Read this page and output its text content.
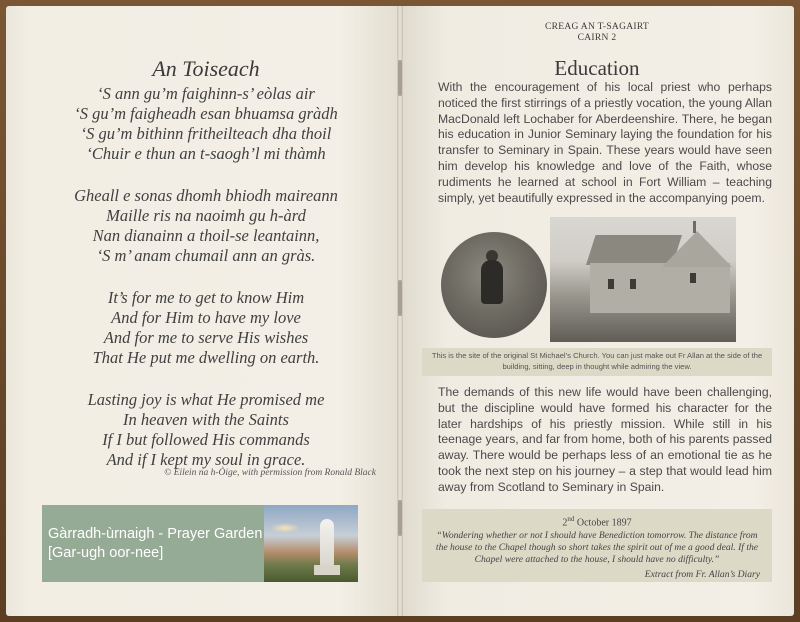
An Toiseach
‘S ann gu’m faighinn-s’ eòlas air
‘S gu’m faigheadh esan bhuamsa gràdh
‘S gu’m bithinn fritheilteach dha thoil
‘Chuir e thun an t-saogh’l mi thàmh
Gheall e sonas dhomh bhiodh maireann
Maille ris na naoimh gu h-àrd
Nan dianainn a thoil-se leantainn,
‘S m’ anam chumail ann an gràs.
It’s for me to get to know Him
And for Him to have my love
And for me to serve His wishes
That He put me dwelling on earth.
Lasting joy is what He promised me
In heaven with the Saints
If I but followed His commands
And if I kept my soul in grace.
© Eilein na h-Òige, with permission from Ronald Black
Gàrradh-ùrnaigh - Prayer Garden
[Gar-ugh oor-nee]
CREAG AN T-SAGAIRT
CAIRN 2
Education
With the encouragement of his local priest who perhaps noticed the first stirrings of a priestly vocation, the young Allan MacDonald left Lochaber for Aberdeenshire. There, he began his education in Junior Seminary laying the foundation for his transfer to Seminary in Spain. These years would have seen him develop his knowledge and love of the Faith, whose rudiments he learned at school in Fort William – teaching simply, yet beautifully expressed in the accompanying poem.
This is the site of the original St Michael’s Church. You can just make out Fr Allan at the side of the building, sitting, deep in thought while admiring the view.
The demands of this new life would have been challenging, but the discipline would have formed his character for the later hardships of his priestly mission. While still in his teenage years, and far from home, both of his parents passed away. There would be perhaps less of an emotional tie as he took the next step on his journey – a step that would lead him away from Scotland to Seminary in Spain.
2nd October 1897
“Wondering whether or not I should have Benediction tomorrow. The distance from the house to the Chapel though so short takes the spirit out of me a good deal. If the Chapel were attached to the house, I should have no difficulty.”
Extract from Fr. Allan’s Diary
